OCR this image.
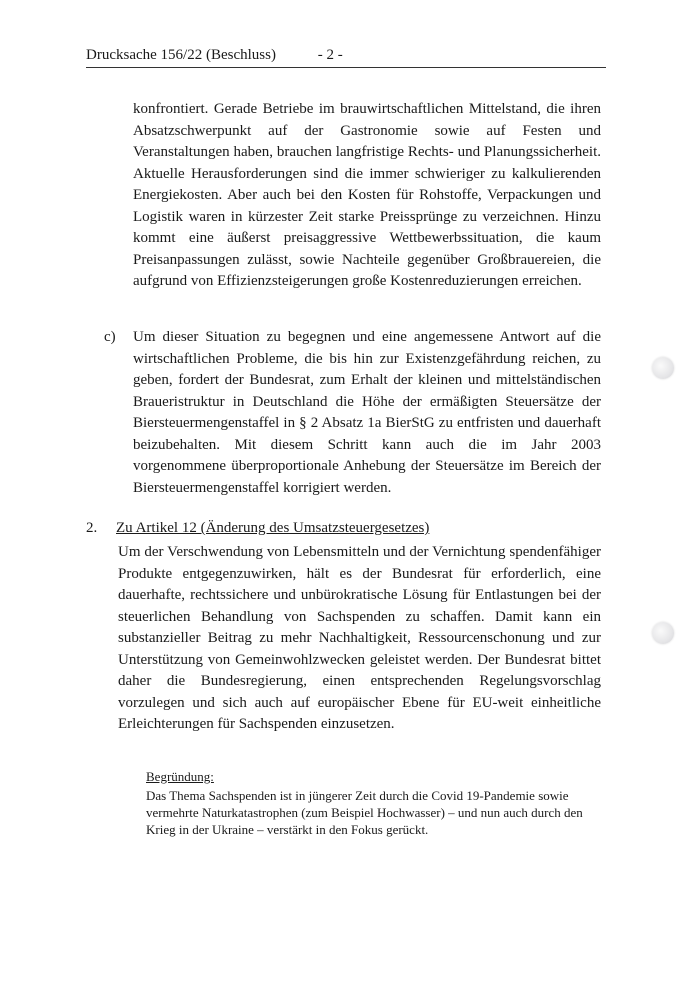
Drucksache 156/22 (Beschluss)	- 2 -
konfrontiert. Gerade Betriebe im brauwirtschaftlichen Mittelstand, die ihren Absatzschwerpunkt auf der Gastronomie sowie auf Festen und Veranstaltungen haben, brauchen langfristige Rechts- und Planungssicherheit. Aktuelle Herausforderungen sind die immer schwieriger zu kalkulierenden Energiekosten. Aber auch bei den Kosten für Rohstoffe, Verpackungen und Logistik waren in kürzester Zeit starke Preissprünge zu verzeichnen. Hinzu kommt eine äußerst preisaggressive Wettbewerbssituation, die kaum Preisanpassungen zulässt, sowie Nachteile gegenüber Großbrauereien, die aufgrund von Effizienzsteigerungen große Kostenreduzierungen erreichen.
c) Um dieser Situation zu begegnen und eine angemessene Antwort auf die wirtschaftlichen Probleme, die bis hin zur Existenzgefährdung reichen, zu geben, fordert der Bundesrat, zum Erhalt der kleinen und mittelständischen Braueristruktur in Deutschland die Höhe der ermäßigten Steuersätze der Biersteuermengenstaffel in § 2 Absatz 1a BierStG zu entfristen und dauerhaft beizubehalten. Mit diesem Schritt kann auch die im Jahr 2003 vorgenommene überproportionale Anhebung der Steuersätze im Bereich der Biersteuermengenstaffel korrigiert werden.
2. Zu Artikel 12 (Änderung des Umsatzsteuergesetzes)
Um der Verschwendung von Lebensmitteln und der Vernichtung spendenfähiger Produkte entgegenzuwirken, hält es der Bundesrat für erforderlich, eine dauerhafte, rechtssichere und unbürokratische Lösung für Entlastungen bei der steuerlichen Behandlung von Sachspenden zu schaffen. Damit kann ein substanzieller Beitrag zu mehr Nachhaltigkeit, Ressourcenschonung und zur Unterstützung von Gemeinwohlzwecken geleistet werden. Der Bundesrat bittet daher die Bundesregierung, einen entsprechenden Regelungsvorschlag vorzulegen und sich auch auf europäischer Ebene für EU-weit einheitliche Erleichterungen für Sachspenden einzusetzen.
Begründung:
Das Thema Sachspenden ist in jüngerer Zeit durch die Covid 19-Pandemie sowie vermehrte Naturkatastrophen (zum Beispiel Hochwasser) – und nun auch durch den Krieg in der Ukraine – verstärkt in den Fokus gerückt.
